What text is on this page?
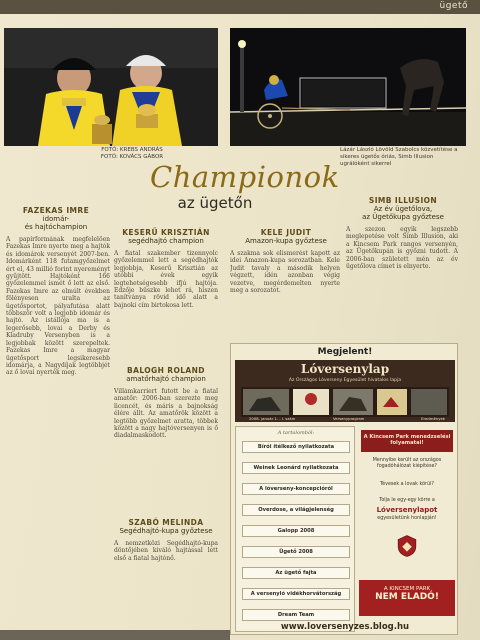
ügető
FOTÓ: KREBS ANDRÁS
FOTÓ: KOVÁCS GÁBOR
Lázár László Lövöld Szabolcs közvetítése a sikeres ügetős óriás, Simb Illusion ugrálóként sikerrel
Championok
az ügetőn
FAZEKAS IMRE
idomár-
és hajtóchampion
KESERŰ KRISZTIÁN
segédhajtó champion
KELE JUDIT
Amazon-kupa győztese
SIMB ILLUSION
Az év ügetőlova,
az Ügetőkupa győztese
BALOGH ROLAND
amatőrhajtó champion
SZABÓ MELINDA
Segédhajtó-kupa győztese

A papírformának megfelelően Fazekas Imre nyerte meg a hajtók és idomárok versenyét 2007-ben. Idomárként 118 futamgyőzelmet ért el, 43 millió forint nyereményt gyűjtött. Hajtóként 166 győzelemmel ismét ő lett az első. Fazekas Imre az elmúlt években fölényesen uralta az ügetősportot, pályafutása alatt többször volt a legjobb idomár és hajtó. Az istállója ma is a legerősebb, lovai a Derby és Kladruby Versenyben is a legjobbak között szerepeltek. Fazekas Imre a magyar ügetősport legsikeresebb idomárja, a Nagydíjak legtöbbjét az ő lovai nyerték meg.

A fiatal szakember tizennyolc győzelemmel lett a segédhajtók legjobbja, Keserű Krisztián az utóbbi évek egyik legtehetségesebb ifjú hajtója. Edzője büszke lehet rá, hiszen tanítványa rövid idő alatt a bajnoki cím birtokosa lett.

Villámkarriert futott be a fiatal amatőr: 2006-ban szerezte meg licencét, és máris a bajnokság élére állt. Az amatőrök között a legtöbb győzelmet aratta, többek között a nagy hajtóversenyen is ő diadalmaskodott.

A nemzetközi Segédhajtó-kupa döntőjében kiváló hajtással lett első a fiatal hajtónő.

A szakma sok elismerést kapott az idei Amazon-kupa sorozatban. Kele Judit tavaly a második helyen végzett, idén azonban végig vezetve, megérdemelten nyerte meg a sorozatot.

A szezon egyik legszebb meglepetése volt Simb Illusion, aki a Kincsem Park rangos versenyén, az Ügetőkupán is győzni tudott. A 2006-ban született mén az év ügetőlova címet is elnyerte.

Megjelent!
Lóversenylap
Az Országos Lóverseny Egyesület hivatalos lapja
2008. január 1. - I. szám	Versenyprogram	Eredmények
A tartalomból:
Bírói ítélkező nyilatkozata
Weinek Leonárd nyilatkozata
A lóverseny-koncepcióról
Overdose, a világjelenség
Galopp 2008
Ügető 2008
Az ügető fajta
A versenyló vidékhorvátország
Dream Team
A Kincsem Park menedzselési folyamatai!
Mennyibe került az országos fogadóhálózat kiépítése?
Tévesek a lovak körül?
Tolja le egy-egy körre a
Lóversenylapot
egyesületünk honlapján!
A KINCSEM PARK
NEM ELADÓ!
www.loversenyzes.blog.hu
